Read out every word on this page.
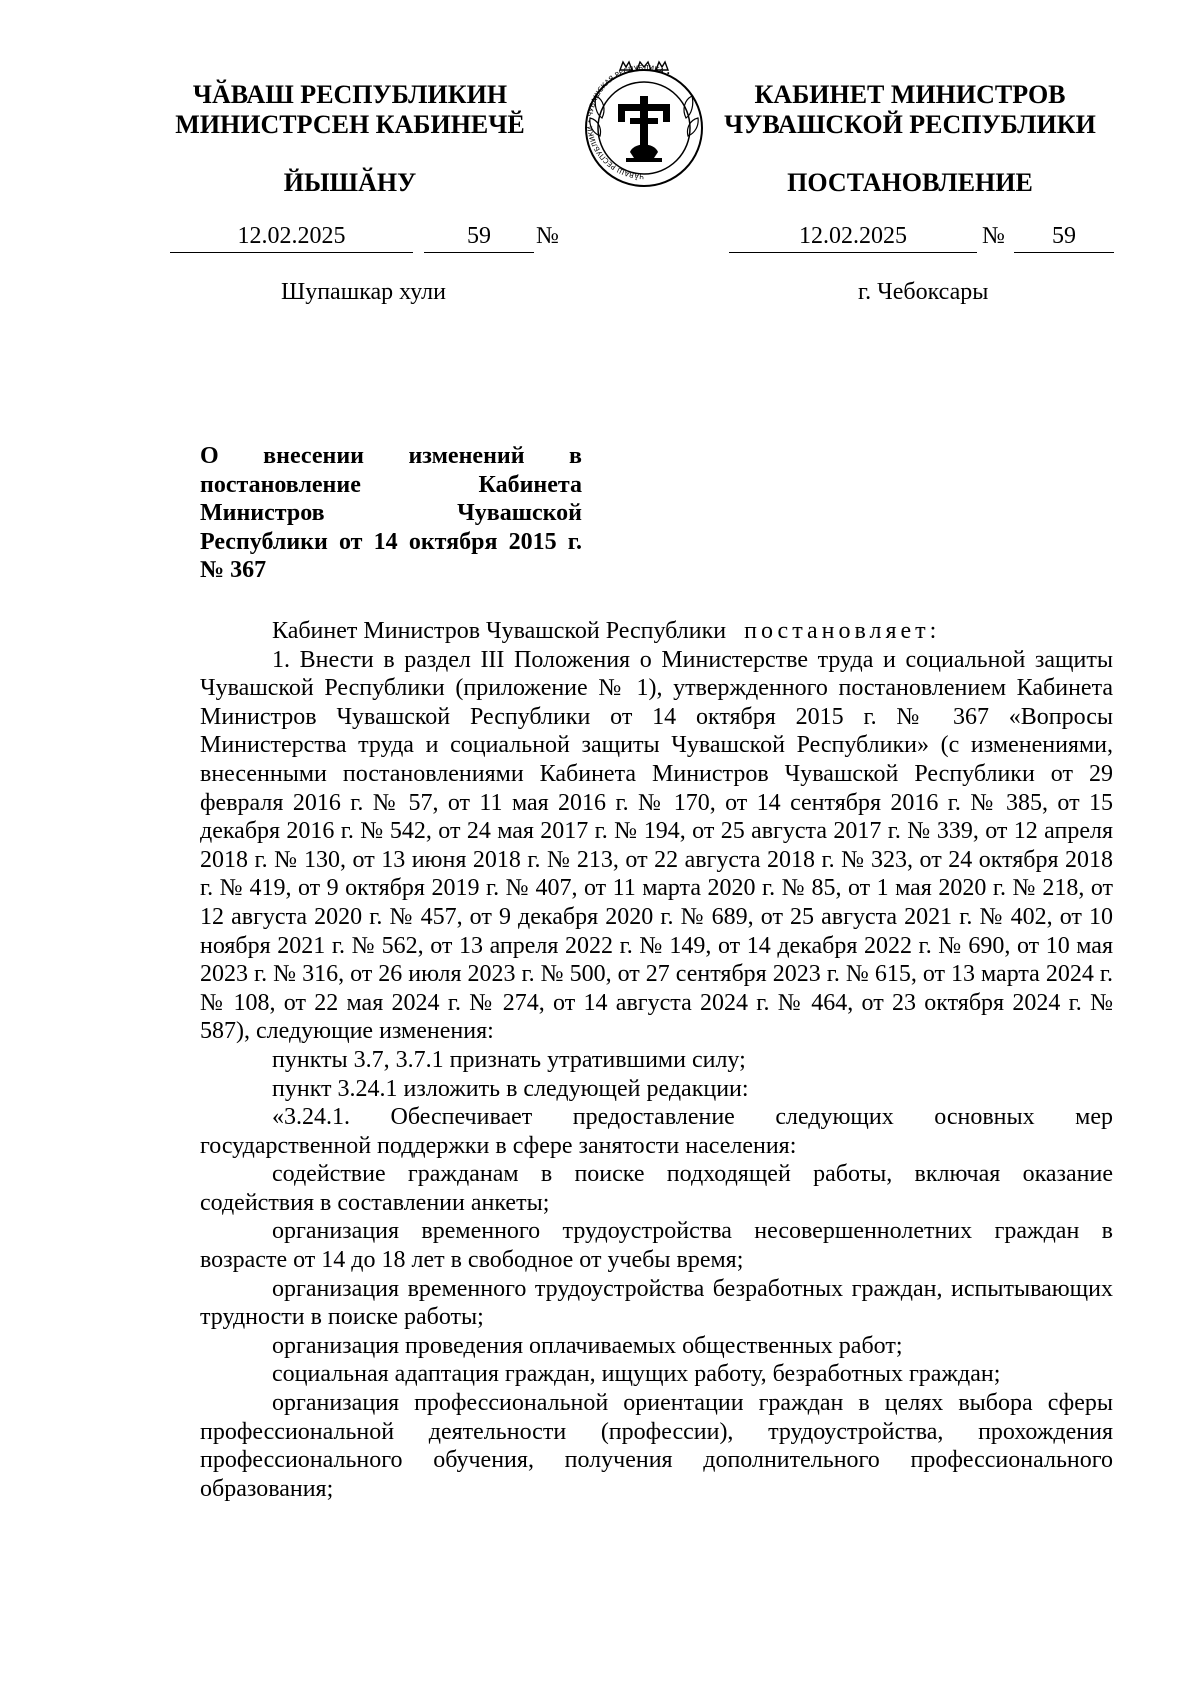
ЧӐВАШ РЕСПУБЛИКИН
МИНИСТРСЕН КАБИНЕЧӖ
ЙЫШӐНУ	ЧӐВАШ РЕСПУБЛИКИ • ЧУВАШСКАЯ РЕСПУБЛИКА •
КАБИНЕТ МИНИСТРОВ
ЧУВАШСКОЙ РЕСПУБЛИКИ
ПОСТАНОВЛЕНИЕ
12.02.2025	59	№	12.02.2025	№	59
Шупашкар хули	г. Чебоксары
О внесении изменений в постановление Кабинета Министров Чувашской Республики от 14 октября 2015 г. № 367

Кабинет Министров Чувашской Республики постановляет:

1. Внести в раздел III Положения о Министерстве труда и социальной защиты Чувашской Республики (приложение № 1), утвержденного постановлением Кабинета Министров Чувашской Республики от 14 октября 2015 г. № 367 «Вопросы Министерства труда и социальной защиты Чувашской Республики» (с изменениями, внесенными постановлениями Кабинета Министров Чувашской Республики от 29 февраля 2016 г. № 57, от 11 мая 2016 г. № 170, от 14 сентября 2016 г. № 385, от 15 декабря 2016 г. № 542, от 24 мая 2017 г. № 194, от 25 августа 2017 г. № 339, от 12 апреля 2018 г. № 130, от 13 июня 2018 г. № 213, от 22 августа 2018 г. № 323, от 24 октября 2018 г. № 419, от 9 октября 2019 г. № 407, от 11 марта 2020 г. № 85, от 1 мая 2020 г. № 218, от 12 августа 2020 г. № 457, от 9 декабря 2020 г. № 689, от 25 августа 2021 г. № 402, от 10 ноября 2021 г. № 562, от 13 апреля 2022 г. № 149, от 14 декабря 2022 г. № 690, от 10 мая 2023 г. № 316, от 26 июля 2023 г. № 500, от 27 сентября 2023 г. № 615, от 13 марта 2024 г. № 108, от 22 мая 2024 г. № 274, от 14 августа 2024 г. № 464, от 23 октября 2024 г. № 587), следующие изменения:

пункты 3.7, 3.7.1 признать утратившими силу;

пункт 3.24.1 изложить в следующей редакции:

«3.24.1. Обеспечивает предоставление следующих основных мер государственной поддержки в сфере занятости населения:

содействие гражданам в поиске подходящей работы, включая оказание содействия в составлении анкеты;

организация временного трудоустройства несовершеннолетних граждан в возрасте от 14 до 18 лет в свободное от учебы время;

организация временного трудоустройства безработных граждан, испытывающих трудности в поиске работы;

организация проведения оплачиваемых общественных работ;

социальная адаптация граждан, ищущих работу, безработных граждан;

организация профессиональной ориентации граждан в целях выбора сферы профессиональной деятельности (профессии), трудоустройства, прохождения профессионального обучения, получения дополнительного профессионального образования;
